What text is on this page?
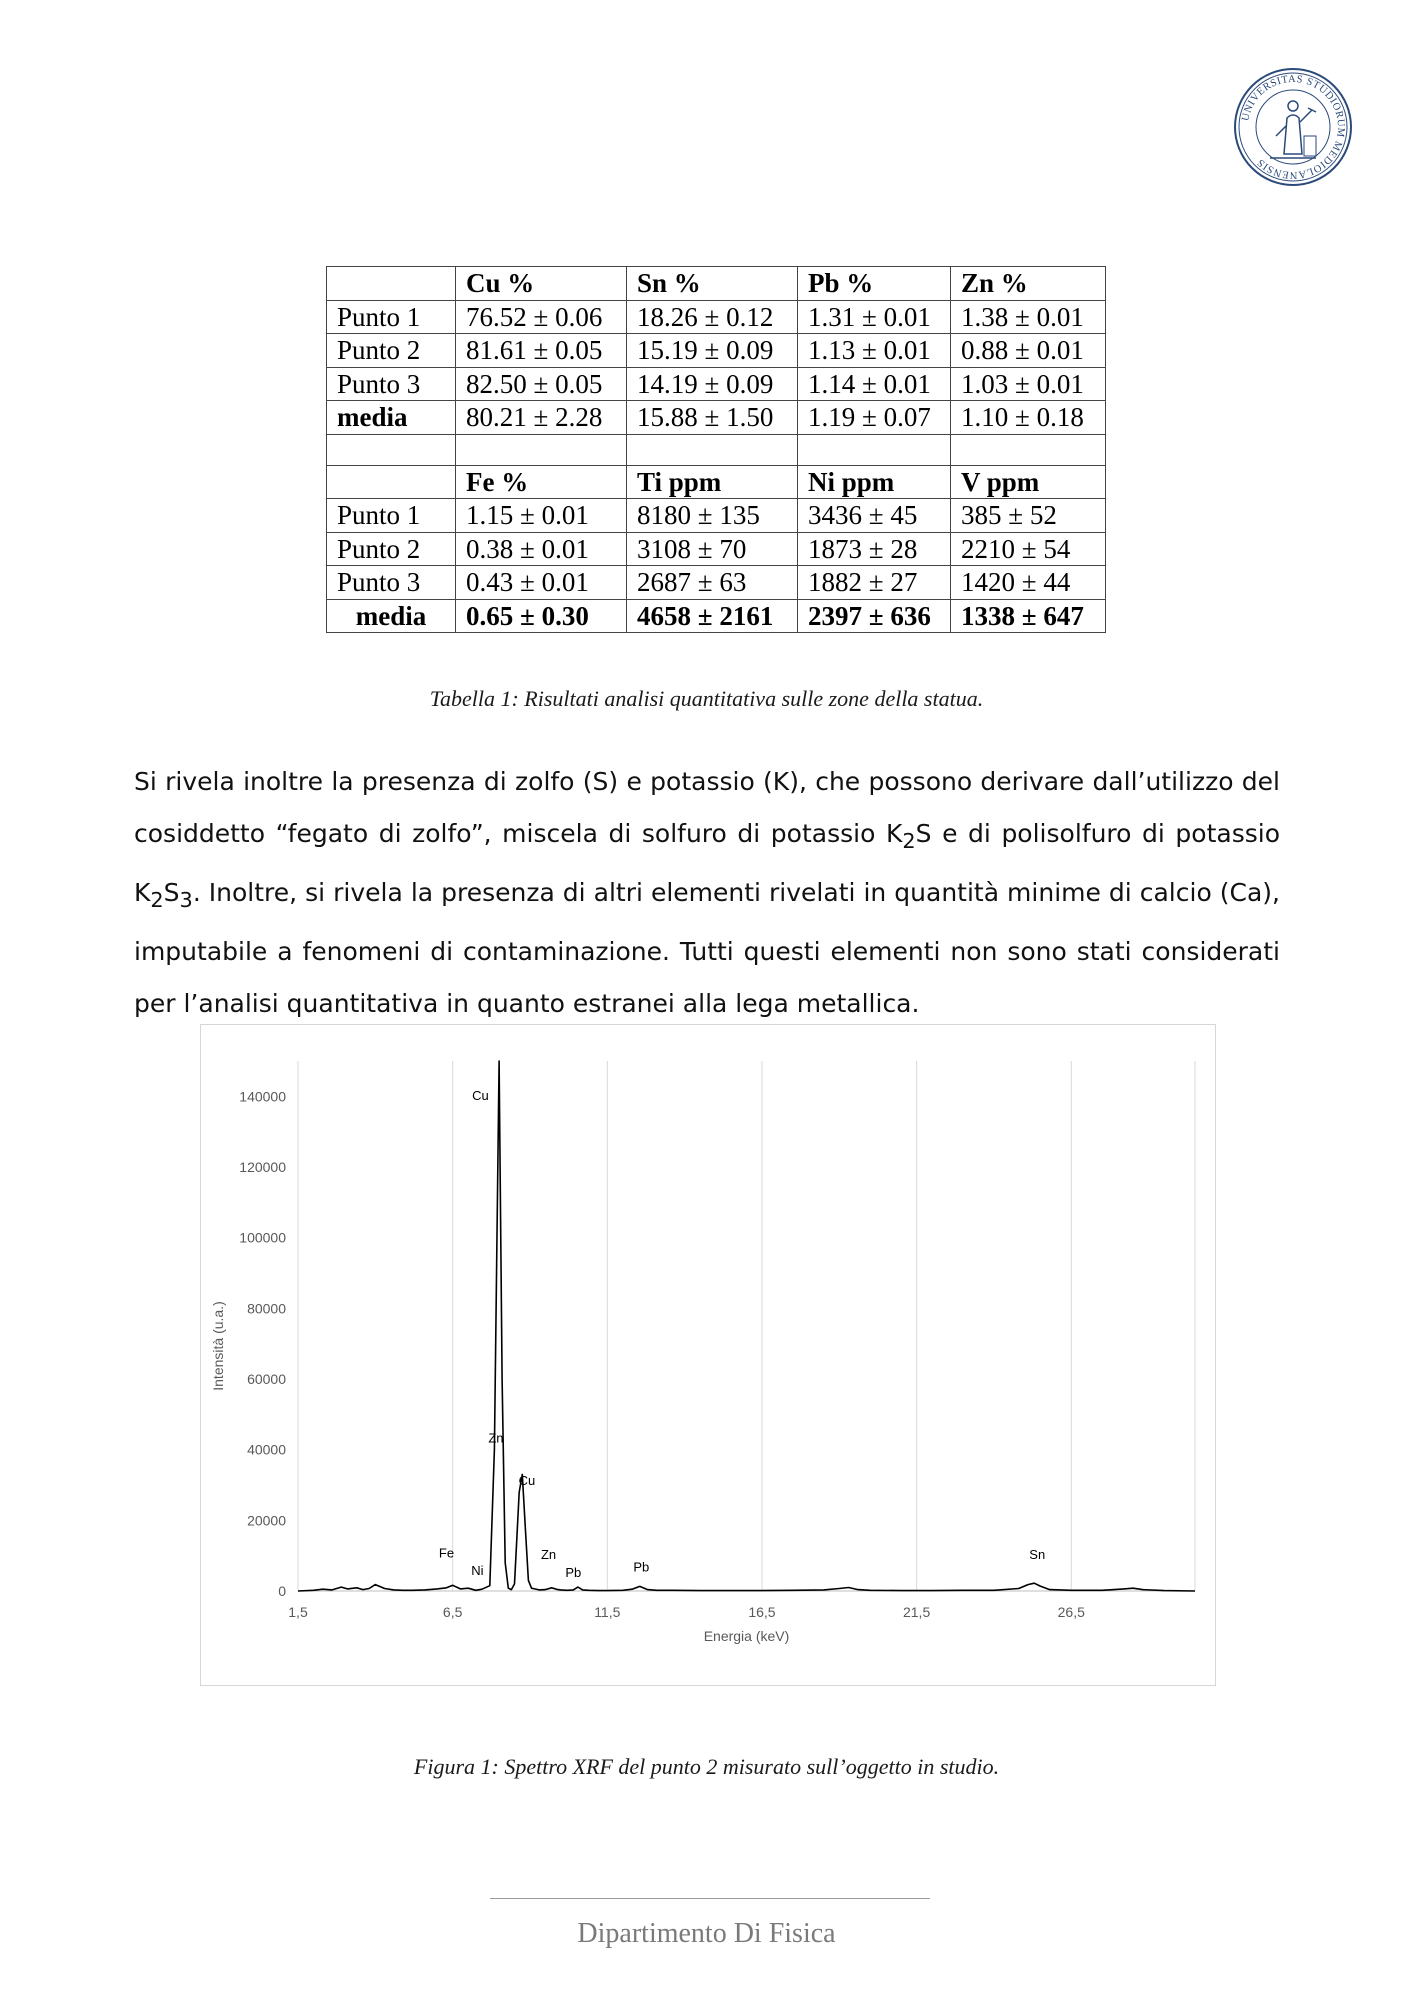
UNIVERSITAS STUDIORUM MEDIOLANENSIS
	Cu %	Sn %	Pb %	Zn %
Punto 1	76.52 ± 0.06	18.26 ± 0.12	1.31 ± 0.01	1.38 ± 0.01
Punto 2	81.61 ± 0.05	15.19 ± 0.09	1.13 ± 0.01	0.88 ± 0.01
Punto 3	82.50 ± 0.05	14.19 ± 0.09	1.14 ± 0.01	1.03 ± 0.01
media	80.21 ± 2.28	15.88 ± 1.50	1.19 ± 0.07	1.10 ± 0.18

	Fe %	Ti ppm	Ni ppm	V ppm
Punto 1	1.15 ± 0.01	8180 ± 135	3436 ± 45	385 ± 52
Punto 2	0.38 ± 0.01	3108 ± 70	1873 ± 28	2210 ± 54
Punto 3	0.43 ± 0.01	2687 ± 63	1882 ± 27	1420 ± 44
media	0.65 ± 0.30	4658 ± 2161	2397 ± 636	1338 ± 647
Tabella 1: Risultati analisi quantitativa sulle zone della statua.

Si rivela inoltre la presenza di zolfo (S) e potassio (K), che possono derivare dall’utilizzo del cosiddetto “fegato di zolfo”, miscela di solfuro di potassio $K_2S$ e di polisolfuro di potassio $K_2S_3$. Inoltre, si rivela la presenza di altri elementi rivelati in quantità minime di calcio (Ca), imputabile a fenomeni di contaminazione. Tutti questi elementi non sono stati considerati per l’analisi quantitativa in quanto estranei alla lega metallica.

0
20000
40000
60000
80000
100000
120000
140000
1,5	6,5	11,5	16,5	21,5	26,5
Energia (keV)
Intensità (u.a.)
Cu
Zn
Cu
Fe
Ni
Zn
Pb	Pb
Sn
Figura 1: Spettro XRF del punto 2 misurato sull’oggetto in studio.
Dipartimento Di Fisica
